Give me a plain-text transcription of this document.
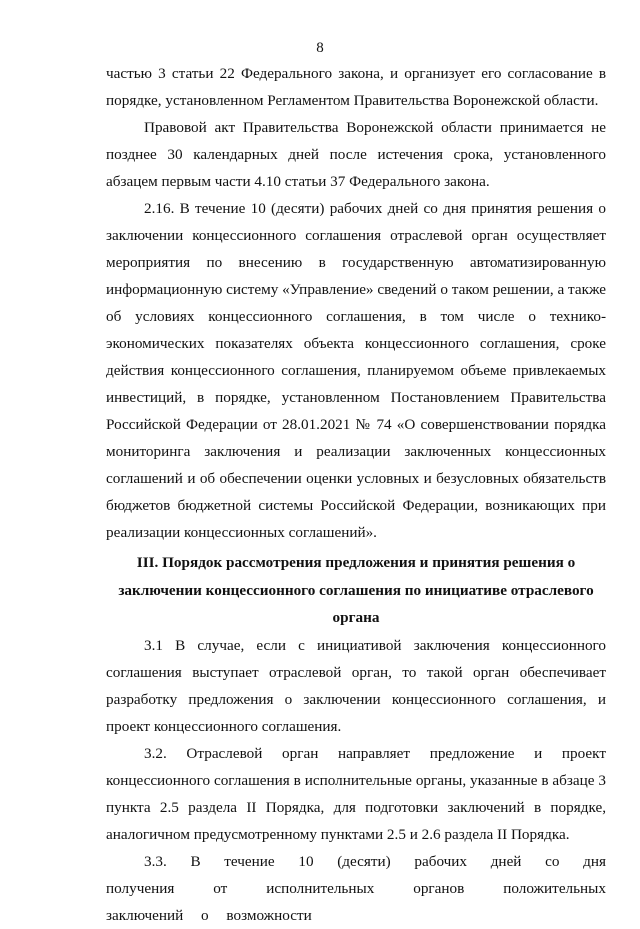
8

частью 3 статьи 22 Федерального закона, и организует его согласование в порядке, установленном Регламентом Правительства Воронежской области.

Правовой акт Правительства Воронежской области принимается не позднее 30 календарных дней после истечения срока, установленного абзацем первым части 4.10 статьи 37 Федерального закона.

2.16. В течение 10 (десяти) рабочих дней со дня принятия решения о заключении концессионного соглашения отраслевой орган осуществляет мероприятия по внесению в государственную автоматизированную информационную систему «Управление» сведений о таком решении, а также об условиях концессионного соглашения, в том числе о технико-экономических показателях объекта концессионного соглашения, сроке действия концессионного соглашения, планируемом объеме привлекаемых инвестиций, в порядке, установленном Постановлением Правительства Российской Федерации от 28.01.2021 № 74 «О совершенствовании порядка мониторинга заключения и реализации заключенных концессионных соглашений и об обеспечении оценки условных и безусловных обязательств бюджетов бюджетной системы Российской Федерации, возникающих при реализации концессионных соглашений».

III. Порядок рассмотрения предложения и принятия решения о заключении концессионного соглашения по инициативе отраслевого органа

3.1 В случае, если с инициативой заключения концессионного соглашения выступает отраслевой орган, то такой орган обеспечивает разработку предложения о заключении концессионного соглашения, и проект концессионного соглашения.

3.2. Отраслевой орган направляет предложение и проект концессионного соглашения в исполнительные органы, указанные в абзаце 3 пункта 2.5 раздела II Порядка, для подготовки заключений в порядке, аналогичном предусмотренному пунктами 2.5 и 2.6 раздела II Порядка.

3.3. В течение 10 (десяти) рабочих дней со дня получения от исполнительных органов положительных заключений о возможности
